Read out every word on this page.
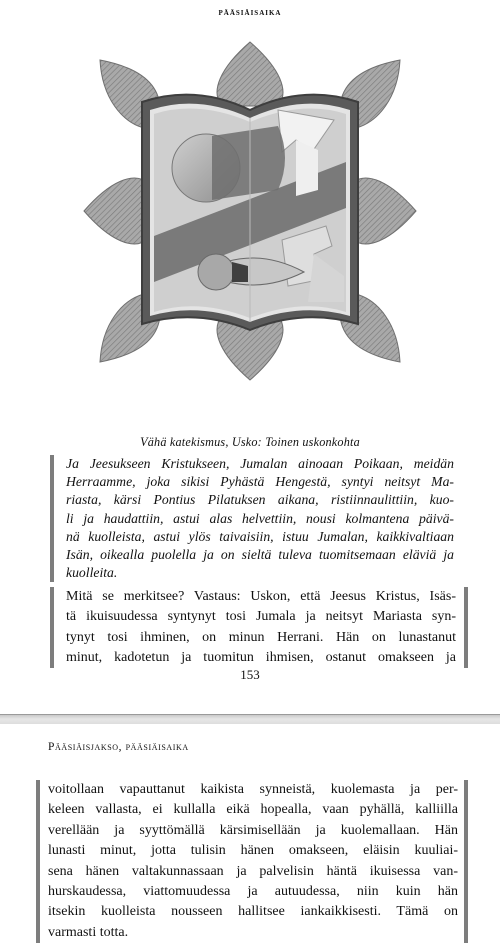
pääsiäisaika
Vähä katekismus, Usko: Toinen uskonkohta
Ja Jeesukseen Kristukseen, Jumalan ainoaan Poikaan, meidän
Herraamme, joka sikisi Pyhästä Hengestä, syntyi neitsyt Ma-
riasta, kärsi Pontius Pilatuksen aikana, ristiinnaulittiin, kuo-
li ja haudattiin, astui alas helvettiin, nousi kolmantena päivä-
nä kuolleista, astui ylös taivaisiin, istuu Jumalan, kaikkivaltiaan
Isän, oikealla puolella ja on sieltä tuleva tuomitsemaan eläviä ja
kuolleita.
Mitä se merkitsee? Vastaus: Uskon, että Jeesus Kristus, Isäs-
tä ikuisuudessa syntynyt tosi Jumala ja neitsyt Mariasta syn-
tynyt tosi ihminen, on minun Herrani. Hän on lunastanut
minut, kadotetun ja tuomitun ihmisen, ostanut omakseen ja
153
Pääsiäisjakso, pääsiäisaika
voitollaan vapauttanut kaikista synneistä, kuolemasta ja per-
keleen vallasta, ei kullalla eikä hopealla, vaan pyhällä, kalliilla
verellään ja syyttömällä kärsimisellään ja kuolemallaan. Hän
lunasti minut, jotta tulisin hänen omakseen, eläisin kuuliai-
sena hänen valtakunnassaan ja palvelisin häntä ikuisessa van-
hurskaudessa, viattomuudessa ja autuudessa, niin kuin hän
itsekin kuolleista nousseen hallitsee iankaikkisesti. Tämä on
varmasti totta.
